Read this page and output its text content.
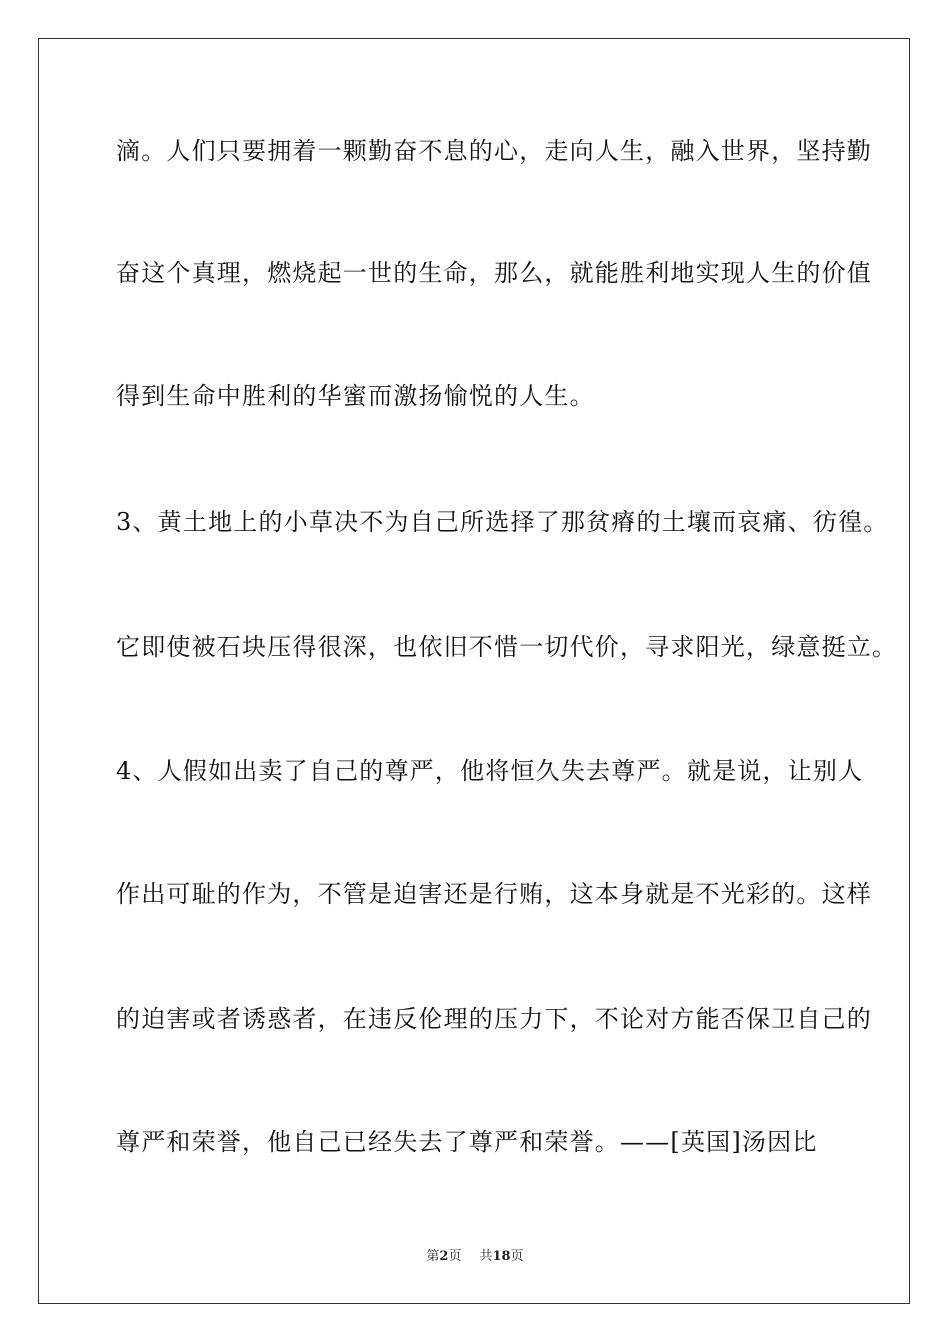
滴。人们只要拥着一颗勤奋不息的心，走向人生，融入世界，坚持勤
奋这个真理，燃烧起一世的生命，那么，就能胜利地实现人生的价值
得到生命中胜利的华蜜而激扬愉悦的人生。
3、黄土地上的小草决不为自己所选择了那贫瘠的土壤而哀痛、彷徨。
它即使被石块压得很深，也依旧不惜一切代价，寻求阳光，绿意挺立。
4、人假如出卖了自己的尊严，他将恒久失去尊严。就是说，让别人
作出可耻的作为，不管是迫害还是行贿，这本身就是不光彩的。这样
的迫害或者诱惑者，在违反伦理的压力下，不论对方能否保卫自己的
尊严和荣誉，他自己已经失去了尊严和荣誉。——[英国]汤因比
第2页 共18页
